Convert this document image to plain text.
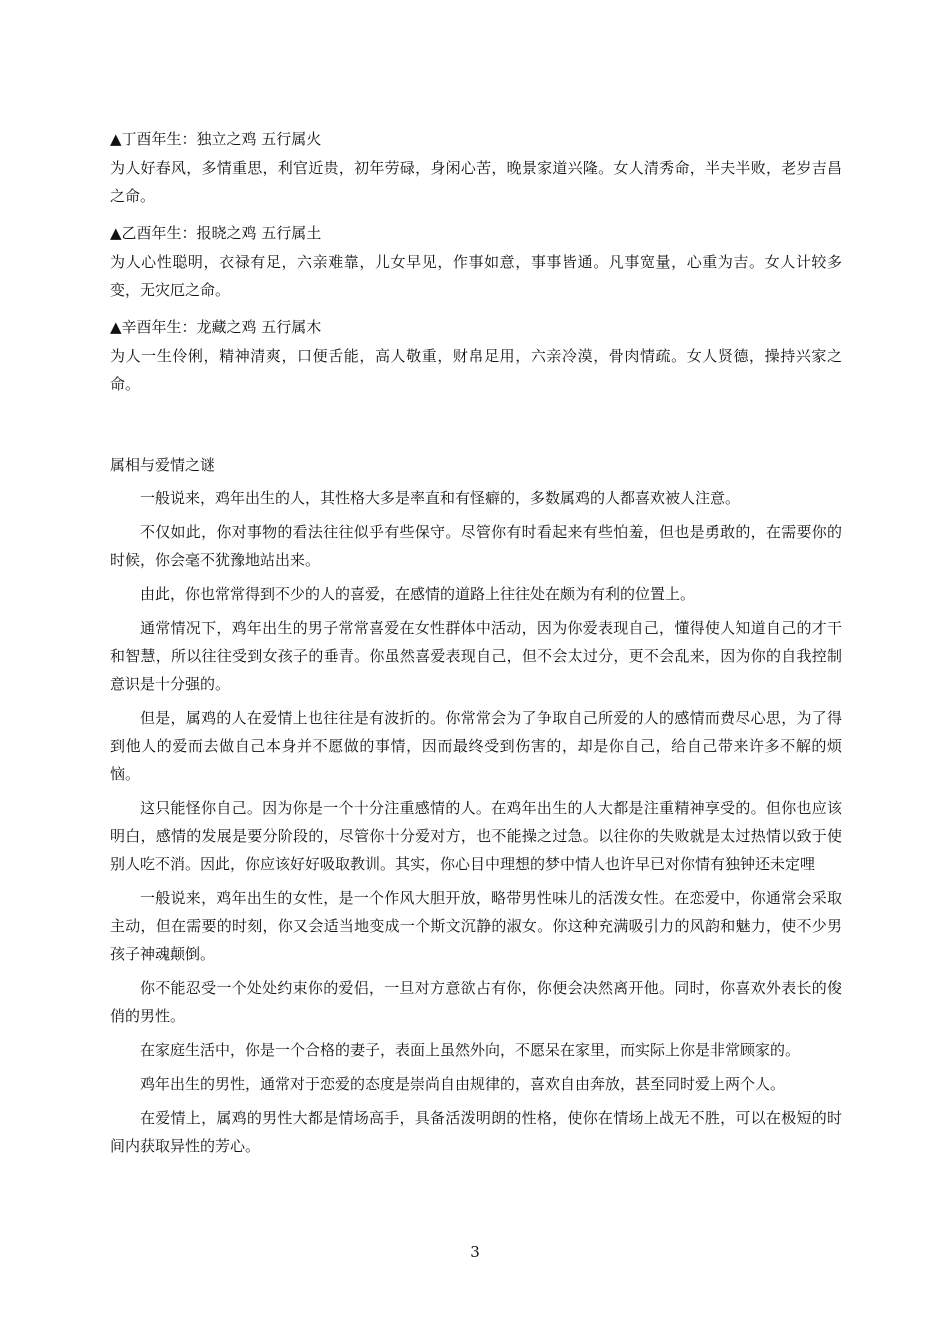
▲丁酉年生：独立之鸡 五行属火
为人好春风，多情重思，利官近贵，初年劳碌，身闲心苦，晚景家道兴隆。女人清秀命，半夫半败，老岁吉昌之命。
▲乙酉年生：报晓之鸡 五行属土
为人心性聪明，衣禄有足，六亲难靠，儿女早见，作事如意，事事皆通。凡事宽量，心重为吉。女人计较多变，无灾厄之命。
▲辛酉年生：龙藏之鸡 五行属木
为人一生伶俐，精神清爽，口便舌能，高人敬重，财帛足用，六亲冷漠，骨肉情疏。女人贤德，操持兴家之命。
属相与爱情之谜

一般说来，鸡年出生的人，其性格大多是率直和有怪癖的，多数属鸡的人都喜欢被人注意。

不仅如此，你对事物的看法往往似乎有些保守。尽管你有时看起来有些怕羞，但也是勇敢的，在需要你的时候，你会毫不犹豫地站出来。

由此，你也常常得到不少的人的喜爱，在感情的道路上往往处在颇为有利的位置上。

通常情况下，鸡年出生的男子常常喜爱在女性群体中活动，因为你爱表现自己，懂得使人知道自己的才干和智慧，所以往往受到女孩子的垂青。你虽然喜爱表现自己，但不会太过分，更不会乱来，因为你的自我控制意识是十分强的。

但是，属鸡的人在爱情上也往往是有波折的。你常常会为了争取自己所爱的人的感情而费尽心思，为了得到他人的爱而去做自己本身并不愿做的事情，因而最终受到伤害的，却是你自己，给自己带来许多不解的烦恼。

这只能怪你自己。因为你是一个十分注重感情的人。在鸡年出生的人大都是注重精神享受的。但你也应该明白，感情的发展是要分阶段的，尽管你十分爱对方，也不能操之过急。以往你的失败就是太过热情以致于使别人吃不消。因此，你应该好好吸取教训。其实，你心目中理想的梦中情人也许早已对你情有独钟还未定哩

一般说来，鸡年出生的女性，是一个作风大胆开放，略带男性味儿的活泼女性。在恋爱中，你通常会采取主动，但在需要的时刻，你又会适当地变成一个斯文沉静的淑女。你这种充满吸引力的风韵和魅力，使不少男孩子神魂颠倒。

你不能忍受一个处处约束你的爱侣，一旦对方意欲占有你，你便会决然离开他。同时，你喜欢外表长的俊俏的男性。

在家庭生活中，你是一个合格的妻子，表面上虽然外向，不愿呆在家里，而实际上你是非常顾家的。

鸡年出生的男性，通常对于恋爱的态度是崇尚自由规律的，喜欢自由奔放，甚至同时爱上两个人。

在爱情上，属鸡的男性大都是情场高手，具备活泼明朗的性格，使你在情场上战无不胜，可以在极短的时间内获取异性的芳心。

3
